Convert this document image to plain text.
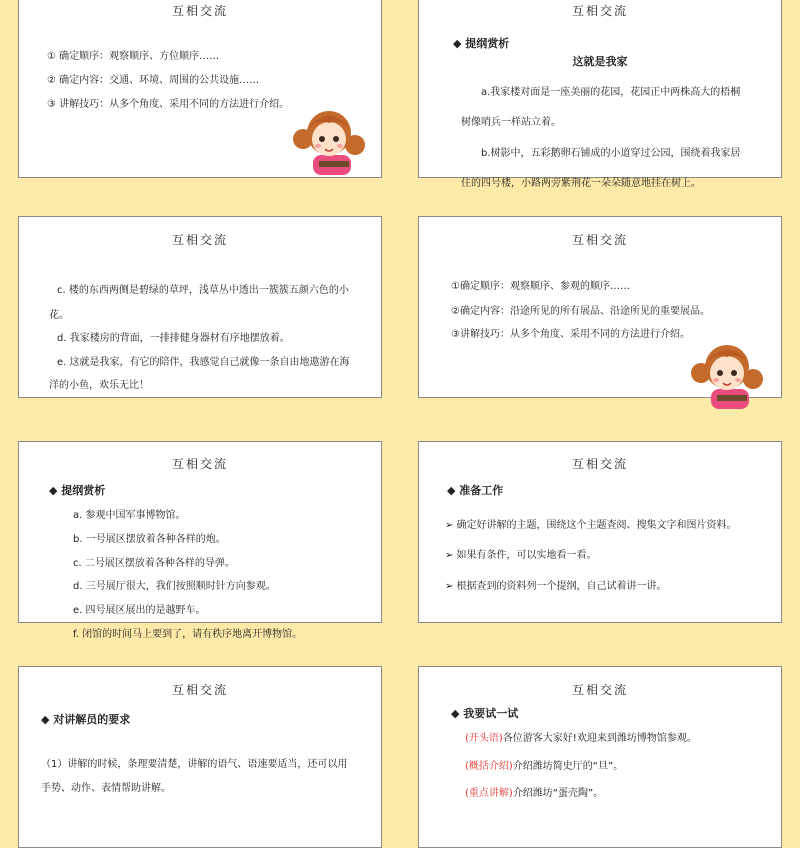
互相交流
① 确定顺序：观察顺序、方位顺序……
② 确定内容：交通、环境、周围的公共设施……
③ 讲解技巧：从多个角度、采用不同的方法进行介绍。
互相交流
◆ 提纲赏析
这就是我家
a.我家楼对面是一座美丽的花园，花园正中两株高大的梧桐
树像哨兵一样站立着。
b.树影中，五彩鹅卵石铺成的小道穿过公园，围绕着我家居
住的四号楼，小路两旁紫荆花一朵朵随意地挂在树上。
互相交流
c. 楼的东西两侧是碧绿的草坪，浅草丛中透出一簇簇五颜六色的小
花。
d. 我家楼房的背面，一排排健身器材有序地摆放着。
e. 这就是我家，有它的陪伴，我感觉自己就像一条自由地遨游在海
洋的小鱼，欢乐无比！
互相交流
①确定顺序：观察顺序、参观的顺序……
②确定内容：沿途所见的所有展品、沿途所见的重要展品。
③讲解技巧：从多个角度、采用不同的方法进行介绍。
互相交流
◆ 提纲赏析
a. 参观中国军事博物馆。
b. 一号展区摆放着各种各样的炮。
c. 二号展区摆放着各种各样的导弹。
d. 三号展厅很大，我们按照顺时针方向参观。
e. 四号展区展出的是越野车。
f. 闭馆的时间马上要到了，请有秩序地离开博物馆。
互相交流
◆ 准备工作
➢ 确定好讲解的主题，围绕这个主题查阅、搜集文字和图片资料。
➢ 如果有条件，可以实地看一看。
➢ 根据查到的资料列一个提纲，自己试着讲一讲。
互相交流
◆ 对讲解员的要求
（1）讲解的时候，条理要清楚，讲解的语气、语速要适当，还可以用
手势、动作、表情帮助讲解。
互相交流
◆ 我要试一试
(开头语)各位游客大家好!欢迎来到潍坊博物馆参观。
(概括介绍)介绍潍坊简史厅的“旦”。
(重点讲解)介绍潍坊“蛋壳陶”。
